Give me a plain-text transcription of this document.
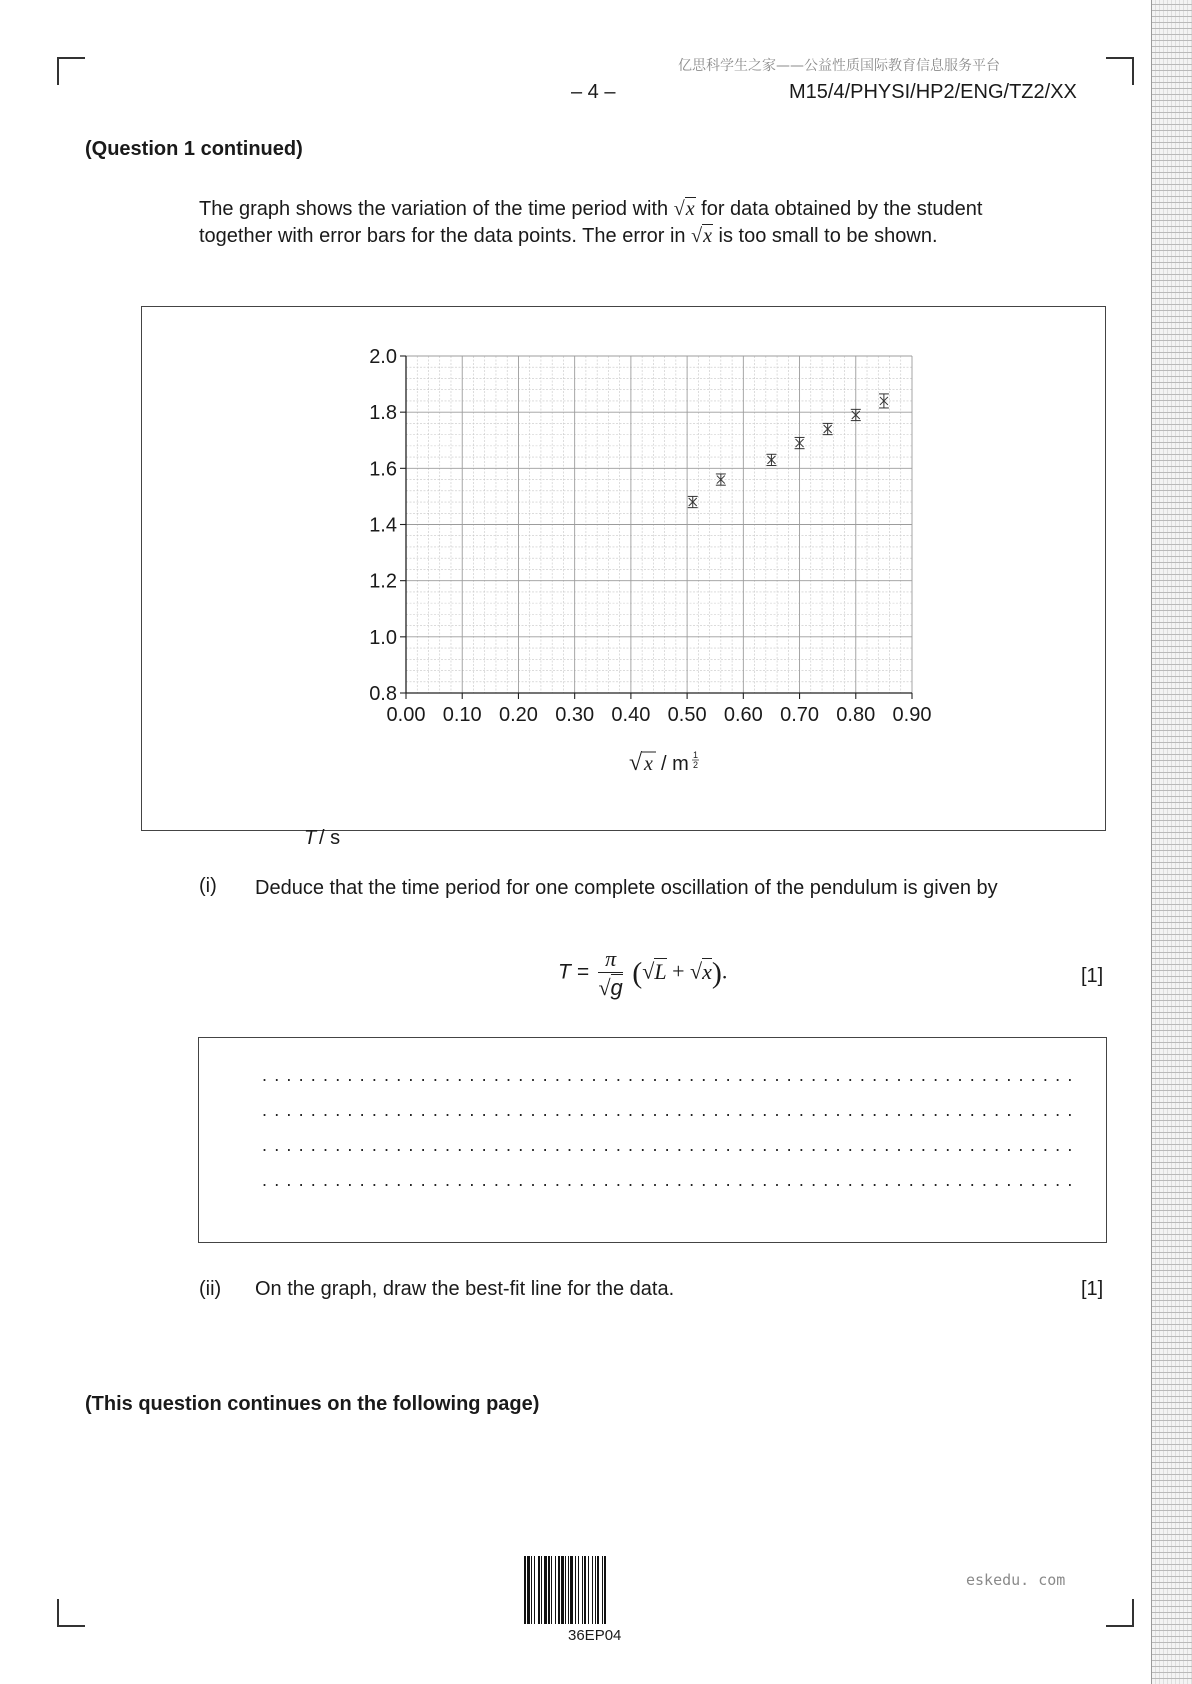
亿思科学生之家——公益性质国际教育信息服务平台
– 4 –	M15/4/PHYSI/HP2/ENG/TZ2/XX
(Question 1 continued)
The graph shows the variation of the time period with √x for data obtained by the student together with error bars for the data points. The error in √x is too small to be shown.
0.00 0.10 0.20 0.30 0.40 0.50 0.60 0.70 0.80 0.90
0.8
1.0
1.2
1.4
1.6
1.8
2.0
T / s
√ x / m 1
2
(i) Deduce that the time period for one complete oscillation of the pendulum is given by
$T = \frac{\pi}{√g} (√L + √x)$.	[1]
. . . . . . . . . . . . . . . . . . . . . . . . . . . . . . . . . . . . . . . . . . . . . . . . . . . . . . . . . . . . . . . . . . .
. . . . . . . . . . . . . . . . . . . . . . . . . . . . . . . . . . . . . . . . . . . . . . . . . . . . . . . . . . . . . . . . . . .
. . . . . . . . . . . . . . . . . . . . . . . . . . . . . . . . . . . . . . . . . . . . . . . . . . . . . . . . . . . . . . . . . . .
. . . . . . . . . . . . . . . . . . . . . . . . . . . . . . . . . . . . . . . . . . . . . . . . . . . . . . . . . . . . . . . . . . .
(ii) On the graph, draw the best-fit line for the data.	[1]
(This question continues on the following page)
36EP04
eskedu. com
